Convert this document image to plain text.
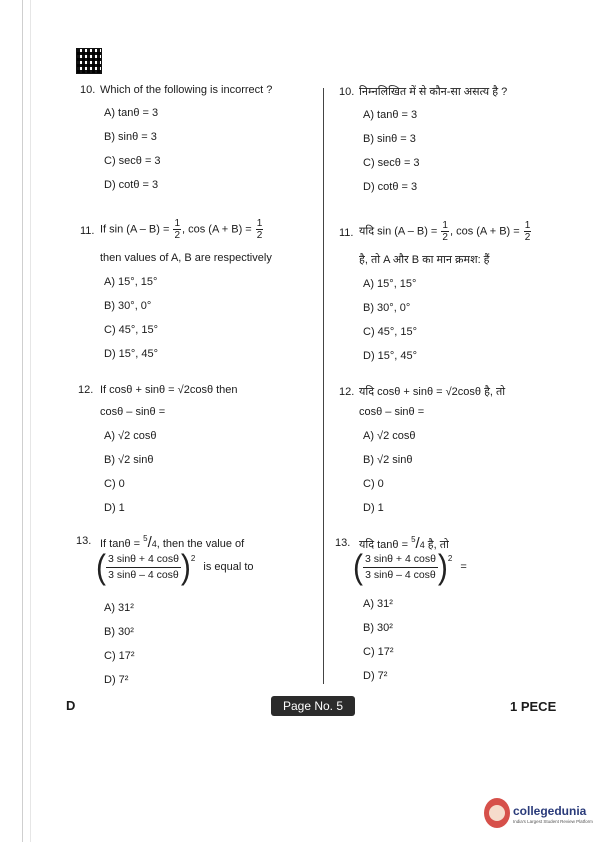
10. Which of the following is incorrect ?
A) tanθ = 3
B) sinθ = 3
C) secθ = 3
D) cotθ = 3
11. If $\sin (A - B) = \frac{1}{2}$ , $\cos (A + B) = \frac{1}{2}$
then values of A, B are respectively
A) 15°, 15°
B) 30°, 0°
C) 45°, 15°
D) 15°, 45°
12. If cosθ + sinθ = √2cosθ then
cosθ – sinθ =
A) √2 cosθ
B) √2 sinθ
C) 0
D) 1
13. If tanθ = $^5$/4, then the value of
( 3 sinθ + 4 cosθ
3 sinθ – 4 cosθ ) 2
is equal to
A) 31²
B) 30²
C) 17²
D) 7²
10. निम्नलिखित में से कौन-सा असत्य है ?
A) tanθ = 3
B) sinθ = 3
C) secθ = 3
D) cotθ = 3
11. यदि $\sin (A - B) = \frac{1}{2}$ , $\cos (A + B) = \frac{1}{2}$
है, तो A और B का मान क्रमश: हैं
A) 15°, 15°
B) 30°, 0°
C) 45°, 15°
D) 15°, 45°
12. यदि cosθ + sinθ = √2cosθ है, तो
cosθ – sinθ =
A) √2 cosθ
B) √2 sinθ
C) 0
D) 1
13. यदि tanθ = $^5$/4 है, तो
( 3 sinθ + 4 cosθ
3 sinθ – 4 cosθ ) 2
=
A) 31²
B) 30²
C) 17²
D) 7²
D	Page No. 5	1 PECE
collegedunia
India's Largest Student Review Platform
